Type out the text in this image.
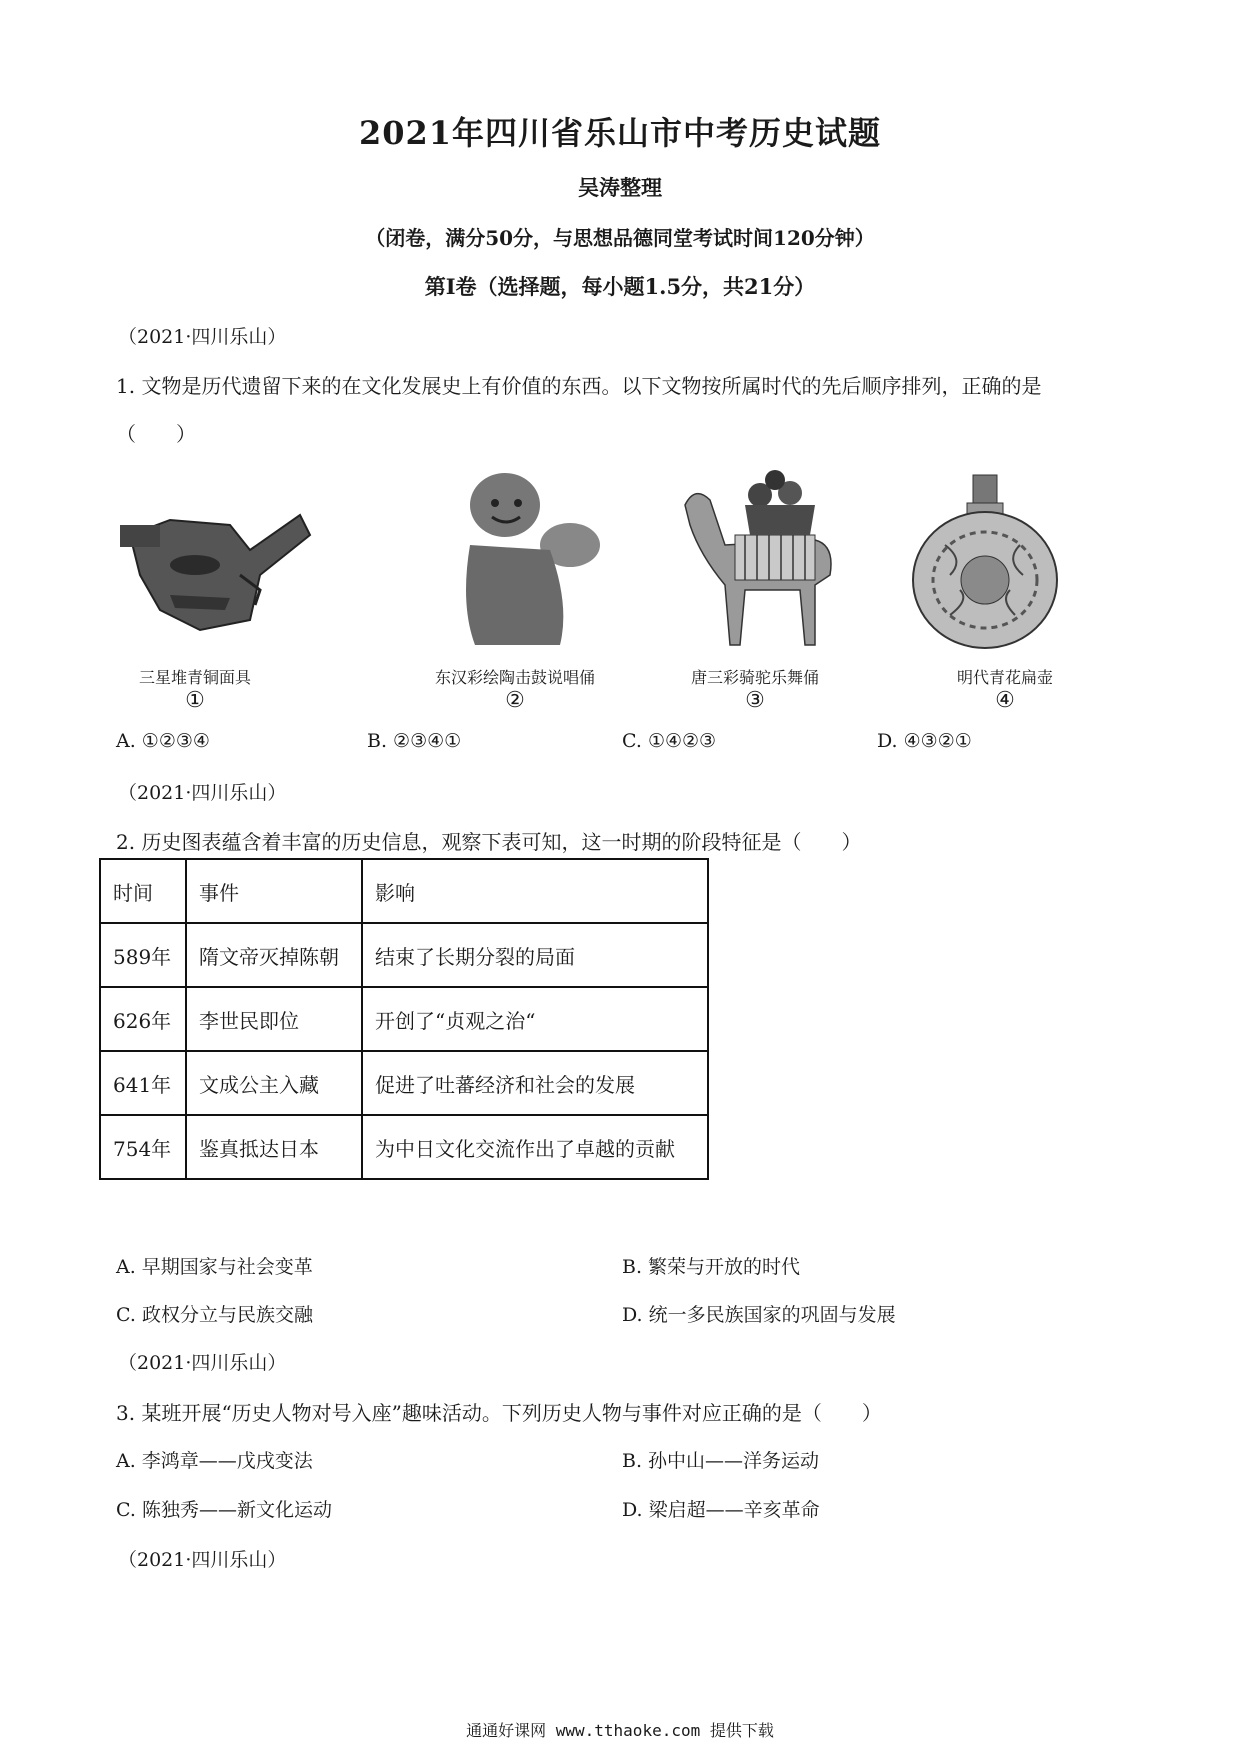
2021年四川省乐山市中考历史试题
吴涛整理
（闭卷，满分50分，与思想品德同堂考试时间120分钟）
第Ⅰ卷（选择题，每小题1.5分，共21分）
（2021·四川乐山）
1. 文物是历代遗留下来的在文化发展史上有价值的东西。以下文物按所属时代的先后顺序排列，正确的是
（　　）
三星堆青铜面具
①
东汉彩绘陶击鼓说唱俑
②
唐三彩骑驼乐舞俑
③
明代青花扁壶
④
A. ①②③④	B. ②③④①	C. ①④②③	D. ④③②①
（2021·四川乐山）
2. 历史图表蕴含着丰富的历史信息，观察下表可知，这一时期的阶段特征是（　　）
时间	事件	影响
589年	隋文帝灭掉陈朝	结束了长期分裂的局面
626年	李世民即位	开创了“贞观之治“
641年	文成公主入藏	促进了吐蕃经济和社会的发展
754年	鉴真抵达日本	为中日文化交流作出了卓越的贡献
A. 早期国家与社会变革	B. 繁荣与开放的时代
C. 政权分立与民族交融	D. 统一多民族国家的巩固与发展
（2021·四川乐山）
3. 某班开展“历史人物对号入座”趣味活动。下列历史人物与事件对应正确的是（　　）
A. 李鸿章——戊戌变法	B. 孙中山——洋务运动
C. 陈独秀——新文化运动	D. 梁启超——辛亥革命
（2021·四川乐山）
通通好课网 www.tthaoke.com 提供下载
